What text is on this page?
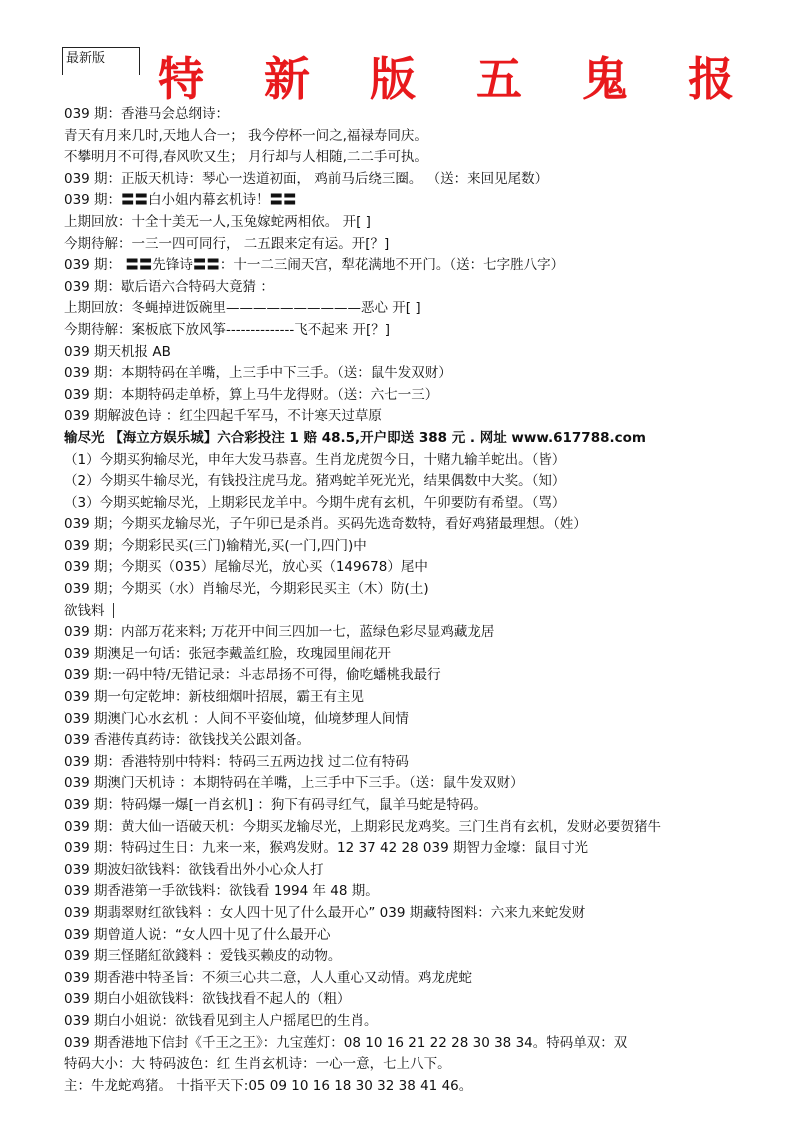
最新版	特 新 版 五 鬼 报
039 期：香港马会总纲诗：
青天有月来几时,天地人合一； 我今停杯一问之,福禄寿同庆。
不攀明月不可得,春风吹又生； 月行却与人相随,二二手可执。
039 期：正版天机诗：琴心一迭道初面， 鸡前马后绕三圈。 （送：来回见尾数）
039 期：〓〓白小姐内幕玄机诗！〓〓
上期回放：十全十美无一人,玉兔嫁蛇两相依。 开[ ]
今期待解：一三一四可同行， 二五跟来定有运。开[？]
039 期： 〓〓先锋诗〓〓：十一二三闹天宫，犁花满地不开门。（送：七字胜八字）
039 期：歇后语六合特码大竟猜 ：
上期回放：冬蝇掉进饭碗里——————————恶心 开[ ]
今期待解：案板底下放风筝--------------飞不起来 开[？]
039 期天机报 AB
039 期：本期特码在羊嘴，上三手中下三手。（送：鼠牛发双财）
039 期：本期特码走单桥，算上马牛龙得财。（送：六七一三）
039 期解波色诗 ：红尘四起千军马，不计寒天过草原
输尽光 【海立方娱乐城】六合彩投注 1 赔 48.5,开户即送 388 元 . 网址 www.617788.com
（1）今期买狗输尽光，申年大发马恭喜。生肖龙虎贺今日，十赌九输羊蛇出。（皆）
（2）今期买牛输尽光，有钱投注虎马龙。猪鸡蛇羊死光光，结果偶数中大奖。（知）
（3）今期买蛇输尽光，上期彩民龙羊中。今期牛虎有玄机，午卯要防有希望。（骂）
039 期；今期买龙输尽光，子午卯已是杀肖。买码先选奇数特，看好鸡猪最理想。（姓）
039 期；今期彩民买(三门)输精光,买(一门,四门)中
039 期；今期买（035）尾输尽光，放心买（149678）尾中
039 期；今期买（水）肖输尽光，今期彩民买主（木）防(土)
欲钱料
039 期：内部万花来料; 万花开中间三四加一七，蓝绿色彩尽显鸡藏龙居
039 期澳足一句话：张冠李戴盖红脸，玫瑰园里闹花开
039 期:一码中特/无错记录：斗志昂扬不可得，偷吃蟠桃我最行
039 期一句定乾坤：新枝细烟叶招展，霸王有主见
039 期澳门心水玄机 ：人间不平姿仙境，仙境梦理人间情
039 香港传真药诗：欲钱找关公跟刘备。
039 期：香港特别中特料：特码三五两边找 过二位有特码
039 期澳门天机诗 ：本期特码在羊嘴，上三手中下三手。（送：鼠牛发双财）
039 期：特码爆一爆[一肖玄机] ：狗下有码寻红气，鼠羊马蛇是特码。
039 期：黄大仙一语破天机：今期买龙输尽光，上期彩民龙鸡奖。三门生肖有玄机，发财必要贺猪牛
039 期：特码过生日：九来一来，猴鸡发财。12 37 42 28 039 期智力金壕：鼠目寸光
039 期波妇欲钱料：欲钱看出外小心众人打
039 期香港第一手欲钱料：欲钱看 1994 年 48 期。
039 期翡翠财红欲钱料 ：女人四十见了什么最开心” 039 期藏特图料：六来九来蛇发财
039 期曾道人说：“女人四十见了什么最开心
039 期三怪賭紅欲錢料 ：爱钱买赖皮的动物。
039 期香港中特圣旨：不须三心共二意，人人重心又动情。鸡龙虎蛇
039 期白小姐欲钱料：欲钱找看不起人的（粗）
039 期白小姐说：欲钱看见到主人户摇尾巴的生肖。
039 期香港地下信封《千王之王》：九宝莲灯：08 10 16 21 22 28 30 38 34。特码单双：双
特码大小：大 特码波色：红 生肖玄机诗：一心一意，七上八下。
主：牛龙蛇鸡猪。 十指平天下:05 09 10 16 18 30 32 38 41 46。
